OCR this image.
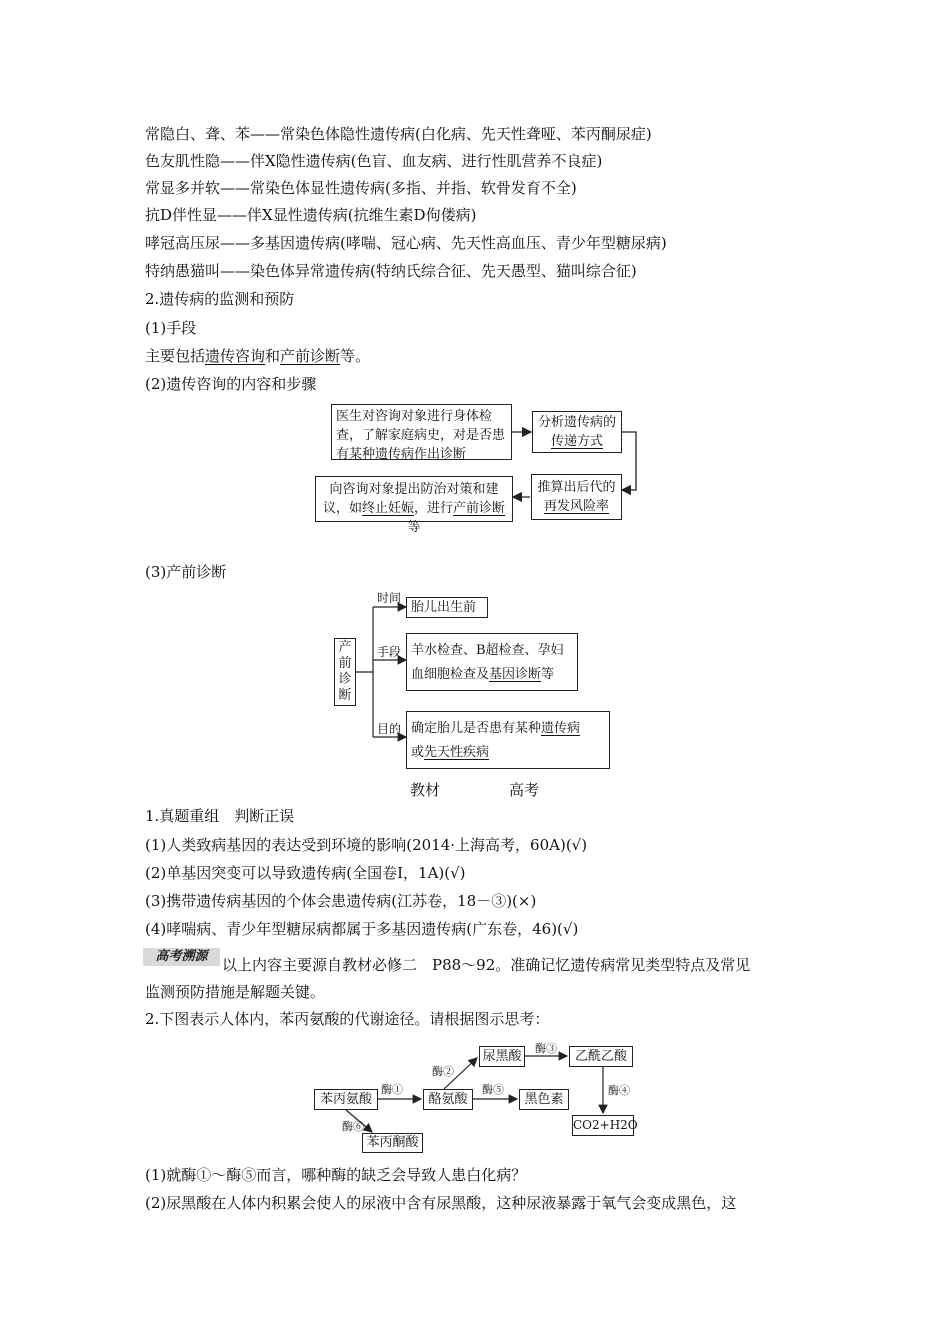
常隐白、聋、苯——常染色体隐性遗传病(白化病、先天性聋哑、苯丙酮尿症)
色友肌性隐——伴X隐性遗传病(色盲、血友病、进行性肌营养不良症)
常显多并软——常染色体显性遗传病(多指、并指、软骨发育不全)
抗D伴性显——伴X显性遗传病(抗维生素D佝偻病)
哮冠高压尿——多基因遗传病(哮喘、冠心病、先天性高血压、青少年型糖尿病)
特纳愚猫叫——染色体异常遗传病(特纳氏综合征、先天愚型、猫叫综合征)
2.遗传病的监测和预防
(1)手段
主要包括遗传咨询和产前诊断等。
(2)遗传咨询的内容和步骤
医生对咨询对象进行身体检查，了解家庭病史，对是否患有某种遗传病作出诊断
分析遗传病的
传递方式
推算出后代的
再发风险率
向咨询对象提出防治对策和建议，如终止妊娠，进行产前诊断等
(3)产前诊断
产前诊断
时间
手段
目的
胎儿出生前
羊水检查、B超检查、孕妇
血细胞检查及基因诊断等
确定胎儿是否患有某种遗传病
或先天性疾病
教材	高考
1.真题重组　判断正误
(1)人类致病基因的表达受到环境的影响(2014·上海高考，60A)(√)
(2)单基因突变可以导致遗传病(全国卷Ⅰ，1A)(√)
(3)携带遗传病基因的个体会患遗传病(江苏卷，18－③)(×)
(4)哮喘病、青少年型糖尿病都属于多基因遗传病(广东卷，46)(√)
高考溯源 以上内容主要源自教材必修二　P88～92。准确记忆遗传病常见类型特点及常见
监测预防措施是解题关键。
2.下图表示人体内，苯丙氨酸的代谢途径。请根据图示思考：
苯丙氨酸	酪氨酸
尿黑酸	乙酰乙酸
黑色素
CO2+H2O
苯丙酮酸
酶①
酶②
酶③
酶④
酶⑤
酶⑥
(1)就酶①～酶⑤而言，哪种酶的缺乏会导致人患白化病？
(2)尿黑酸在人体内积累会使人的尿液中含有尿黑酸，这种尿液暴露于氧气会变成黑色，这
